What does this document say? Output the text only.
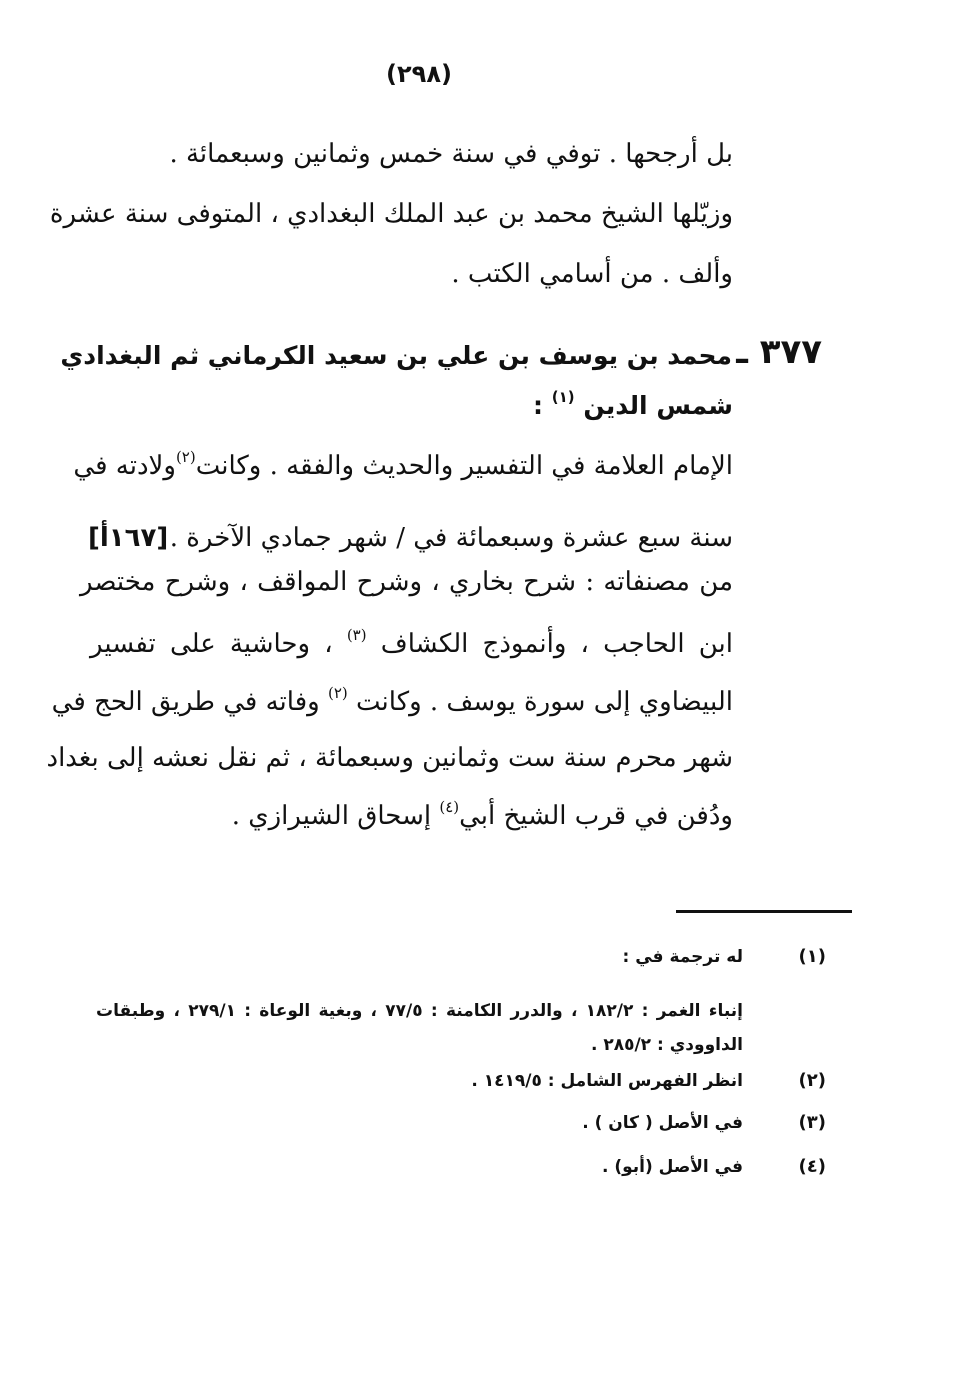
(٢٩٨)
بل أرجحها . توفي في سنة خمس وثمانين وسبعمائة .
وزيّلها الشيخ محمد بن عبد الملك البغدادي ، المتوفى سنة عشرة
وألف . من أسامي الكتب .
٣٧٧ ـ
محمد بن يوسف بن علي بن سعيد الكرماني ثم البغدادي
شمس الدين $^{(١)}$ :
الإمام العلامة في التفسير والحديث والفقه . وكانت$^{(٢)}$ولادته في
سنة سبع عشرة وسبعمائة في / شهر جمادي الآخرة .
[١٦٧أ]
من مصنفاته : شرح بخاري ، وشرح المواقف ، وشرح مختصر
ابن الحاجب ، وأنموذج الكشاف $^{(٣)}$ ، وحاشية على تفسير
البيضاوي إلى سورة يوسف . وكانت $^{(٢)}$ وفاته في طريق الحج في
شهر محرم سنة ست وثمانين وسبعمائة ، ثم نقل نعشه إلى بغداد
ودُفن في قرب الشيخ أبي$^{(٤)}$ إسحاق الشيرازي .
(١)
له ترجمة في :
إنباء الغمر : ١٨٢/٢ ، والدرر الكامنة : ٧٧/٥ ، وبغية الوعاة : ٢٧٩/١ ، وطبقات
الداوودي : ٢٨٥/٢ .
(٢)
انظر الفهرس الشامل : ١٤١٩/٥ .
(٣)
في الأصل ( كان ) .
(٤)
في الأصل (أبو) .
